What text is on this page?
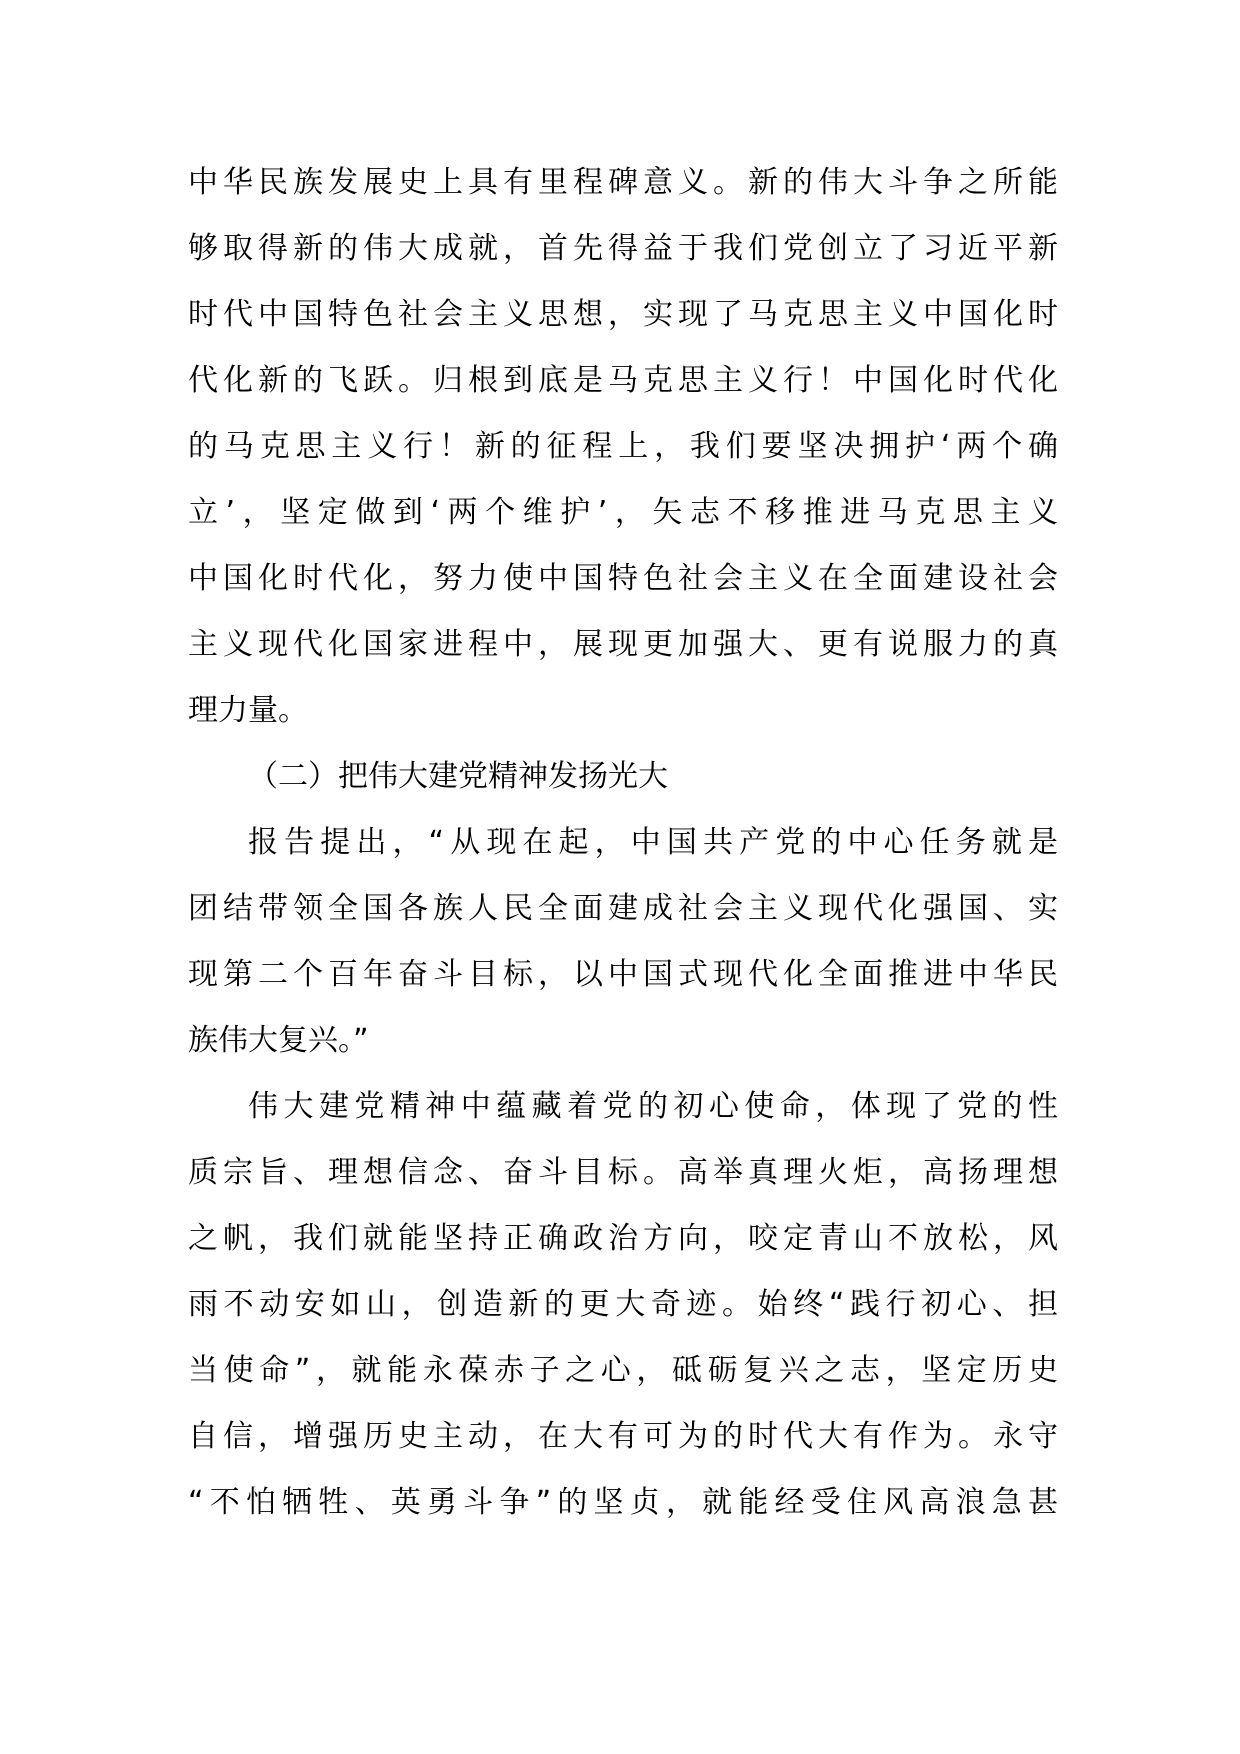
中华民族发展史上具有里程碑意义。新的伟大斗争之所能
够取得新的伟大成就，首先得益于我们党创立了习近平新
时代中国特色社会主义思想，实现了马克思主义中国化时
代化新的飞跃。归根到底是马克思主义行！中国化时代化
的马克思主义行！新的征程上，我们要坚决拥护‘两个确
立’，坚定做到‘两个维护’，矢志不移推进马克思主义
中国化时代化，努力使中国特色社会主义在全面建设社会
主义现代化国家进程中，展现更加强大、更有说服力的真
理力量。
（二）把伟大建党精神发扬光大
报告提出，“从现在起，中国共产党的中心任务就是
团结带领全国各族人民全面建成社会主义现代化强国、实
现第二个百年奋斗目标，以中国式现代化全面推进中华民
族伟大复兴。”
伟大建党精神中蕴藏着党的初心使命，体现了党的性
质宗旨、理想信念、奋斗目标。高举真理火炬，高扬理想
之帆，我们就能坚持正确政治方向，咬定青山不放松，风
雨不动安如山，创造新的更大奇迹。始终“践行初心、担
当使命”，就能永葆赤子之心，砥砺复兴之志，坚定历史
自信，增强历史主动，在大有可为的时代大有作为。永守
“不怕牺牲、英勇斗争”的坚贞，就能经受住风高浪急甚
